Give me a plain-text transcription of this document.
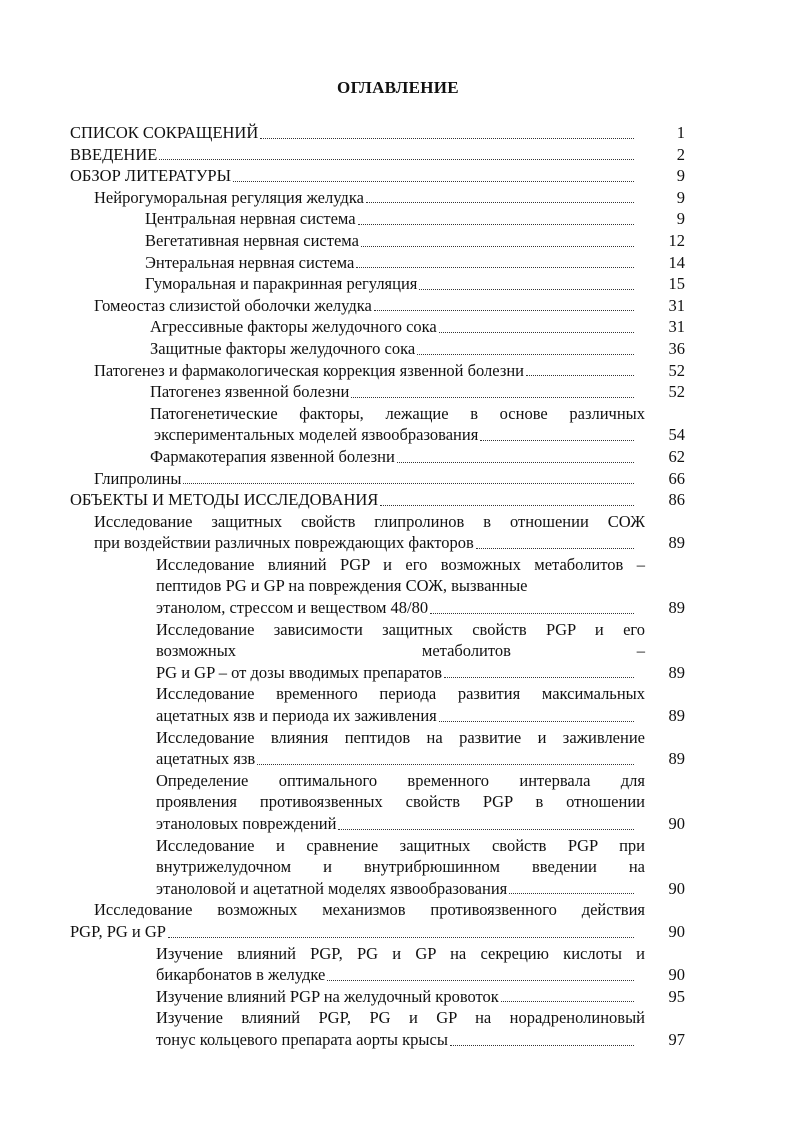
ОГЛАВЛЕНИЕ
СПИСОК СОКРАЩЕНИЙ	1
ВВЕДЕНИЕ	2
ОБЗОР ЛИТЕРАТУРЫ	9
Нейрогуморальная регуляция желудка	9
Центральная нервная система	9
Вегетативная нервная система	12
Энтеральная нервная система	14
Гуморальная и паракринная регуляция	15
Гомеостаз слизистой оболочки желудка	31
Агрессивные факторы желудочного сока	31
Защитные факторы желудочного сока	36
Патогенез и фармакологическая коррекция язвенной болезни	52
Патогенез язвенной болезни	52
Патогенетические факторы, лежащие в основе различных
экспериментальных моделей язвообразования	54
Фармакотерапия язвенной болезни	62
Глипролины	66
ОБЪЕКТЫ И МЕТОДЫ ИССЛЕДОВАНИЯ	86
Исследование защитных свойств глипролинов в отношении СОЖ
при воздействии различных повреждающих факторов	89
Исследование влияний PGP и его возможных метаболитов –
пептидов PG и GP на повреждения СОЖ, вызванные
этанолом, стрессом и веществом 48/80	89
Исследование зависимости защитных свойств PGP и его
возможных	метаболитов	–
PG и GP – от дозы вводимых препаратов	89
Исследование временного периода развития максимальных
ацетатных язв и периода их заживления	89
Исследование влияния пептидов на развитие и заживление
ацетатных язв	89
Определение оптимального временного интервала для
проявления противоязвенных свойств PGP в отношении
этаноловых повреждений	90
Исследование и сравнение защитных свойств PGP при
внутрижелудочном и внутрибрюшинном введении на
этаноловой и ацетатной моделях язвообразования	90
Исследование возможных механизмов противоязвенного действия
PGP, PG и GP	90
Изучение влияний PGP, PG и GP на секрецию кислоты и
бикарбонатов в желудке	90
Изучение влияний PGP на желудочный кровоток	95
Изучение влияний PGP, PG и GP на норадренолиновый
тонус кольцевого препарата аорты крысы	97
